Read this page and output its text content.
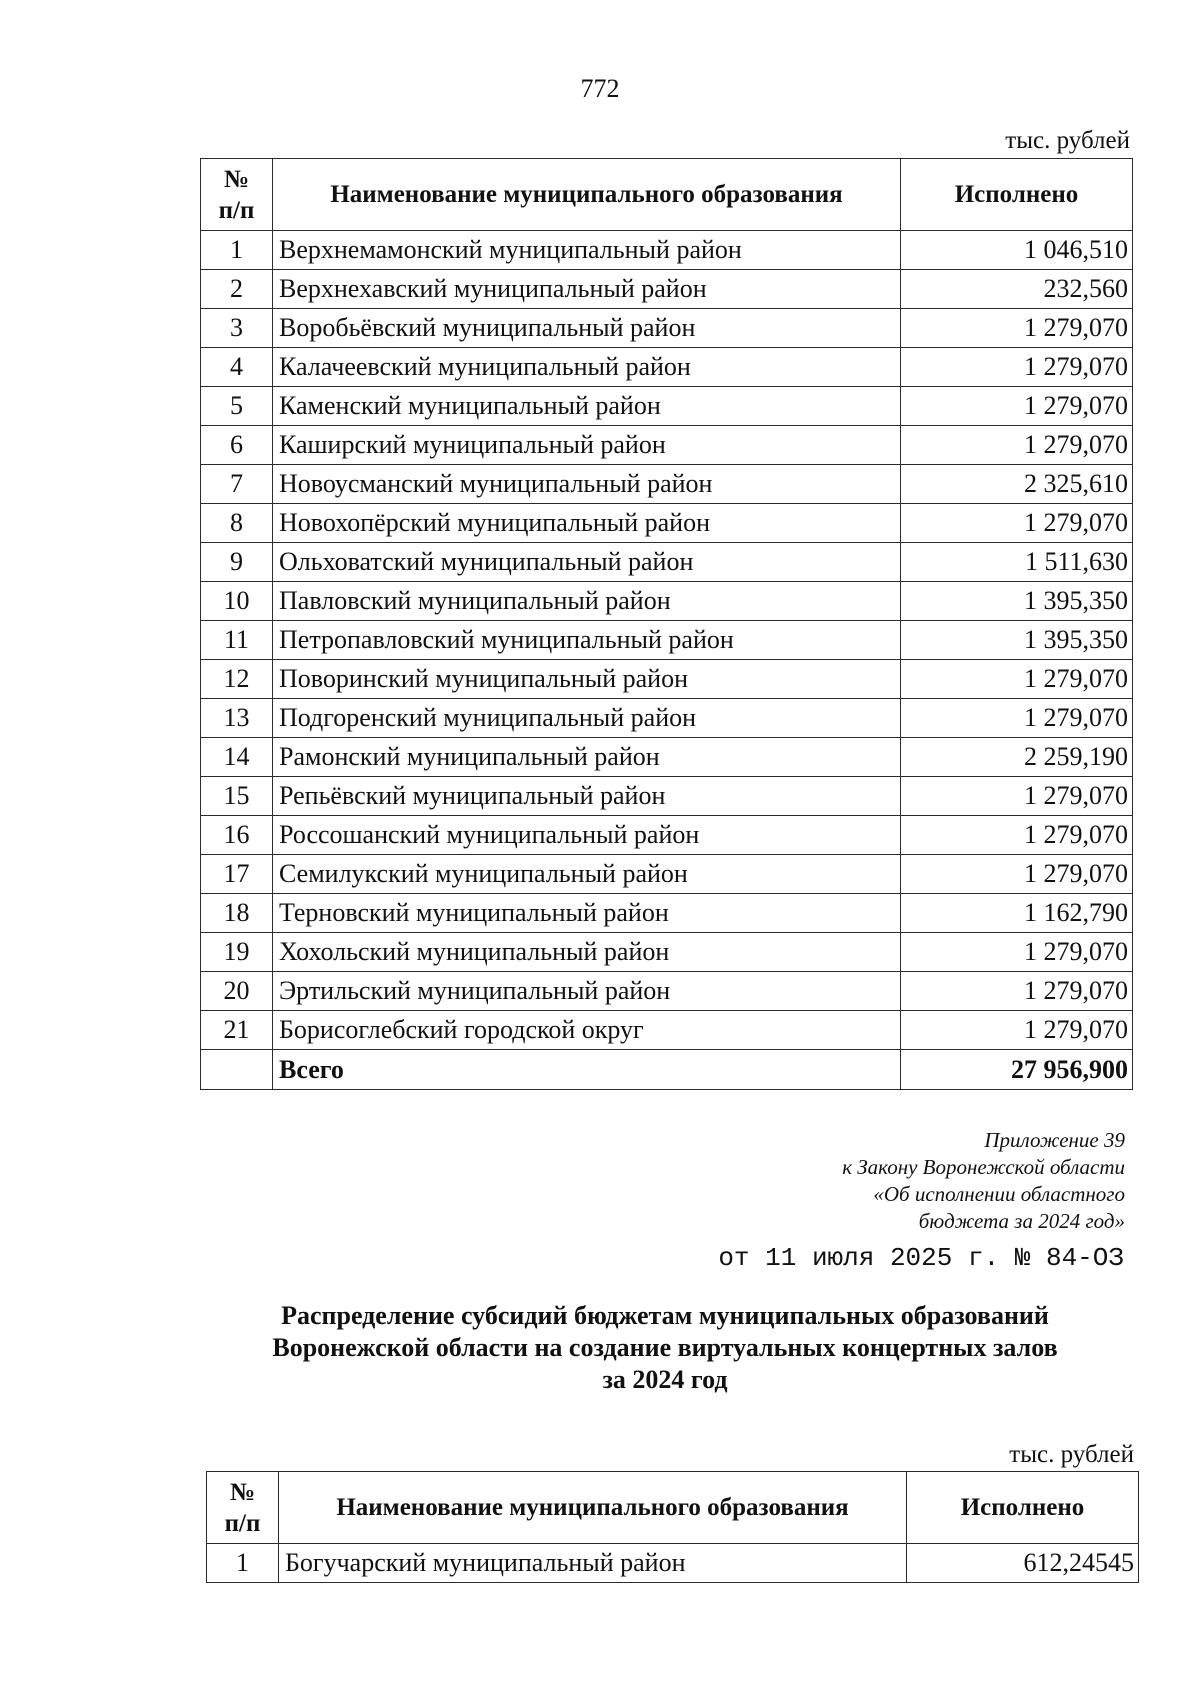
772
тыс. рублей
№
п/п	Наименование муниципального образования	Исполнено
1	Верхнемамонский муниципальный район	1 046,510
2	Верхнехавский муниципальный район	232,560
3	Воробьёвский муниципальный район	1 279,070
4	Калачеевский муниципальный район	1 279,070
5	Каменский муниципальный район	1 279,070
6	Каширский муниципальный район	1 279,070
7	Новоусманский муниципальный район	2 325,610
8	Новохопёрский муниципальный район	1 279,070
9	Ольховатский муниципальный район	1 511,630
10	Павловский муниципальный район	1 395,350
11	Петропавловский муниципальный район	1 395,350
12	Поворинский муниципальный район	1 279,070
13	Подгоренский муниципальный район	1 279,070
14	Рамонский муниципальный район	2 259,190
15	Репьёвский муниципальный район	1 279,070
16	Россошанский муниципальный район	1 279,070
17	Семилукский муниципальный район	1 279,070
18	Терновский муниципальный район	1 162,790
19	Хохольский муниципальный район	1 279,070
20	Эртильский муниципальный район	1 279,070
21	Борисоглебский городской округ	1 279,070
	Всего	27 956,900
Приложение 39
к Закону Воронежской области
«Об исполнении областного
бюджета за 2024 год»
от 11 июля 2025 г. № 84-ОЗ
Распределение субсидий бюджетам муниципальных образований
Воронежской области на создание виртуальных концертных залов
за 2024 год
тыс. рублей
№
п/п	Наименование муниципального образования	Исполнено
1	Богучарский муниципальный район	612,24545
